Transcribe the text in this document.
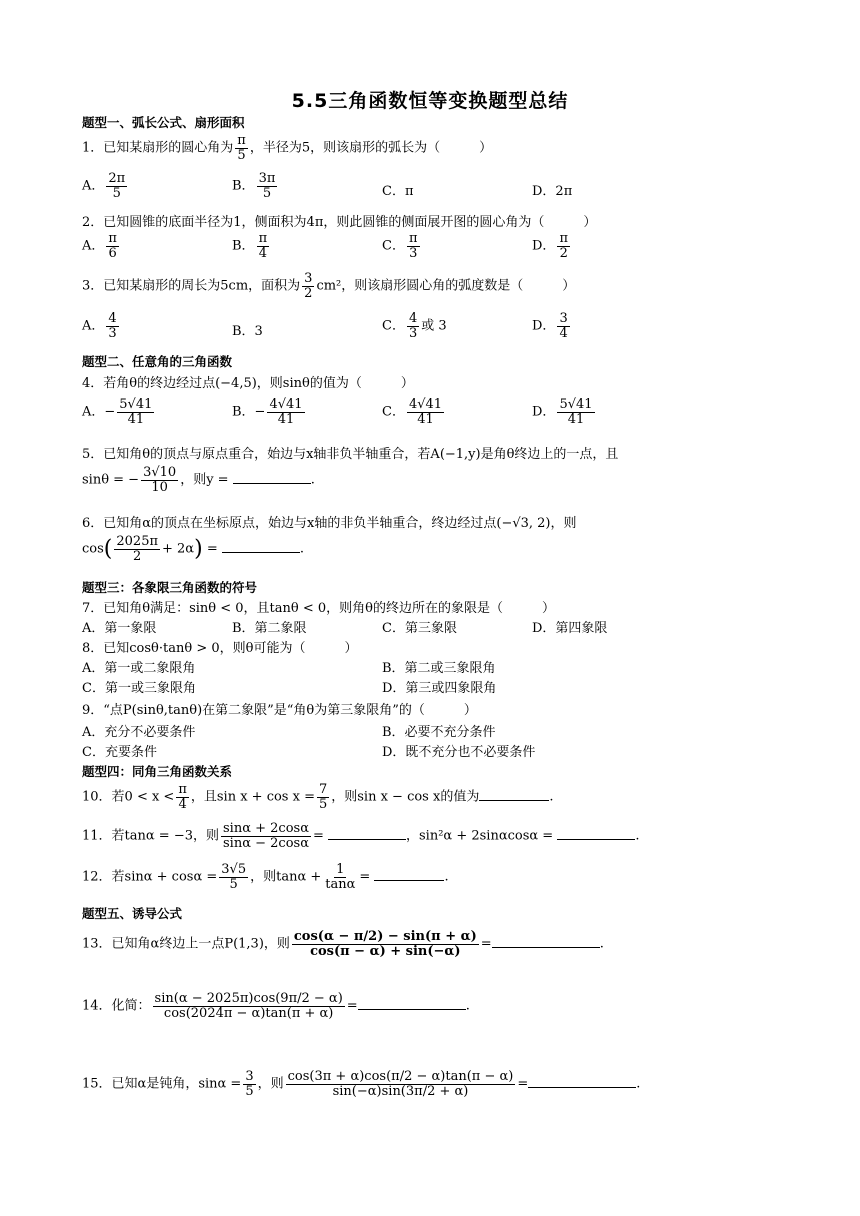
5.5三角函数恒等变换题型总结
题型一、弧长公式、扇形面积
1．已知某扇形的圆心角为 $\frac{\pi}{5}$ ，半径为5，则该扇形的弧长为（　　　）
A． $\frac{2\pi}{5}$	B． $\frac{3\pi}{5}$	C．π	D．2π
2．已知圆锥的底面半径为1，侧面积为4π，则此圆锥的侧面展开图的圆心角为（　　　）
A． $\frac{\pi}{6}$	B． $\frac{\pi}{4}$	C． $\frac{\pi}{3}$	D． $\frac{\pi}{2}$
3．已知某扇形的周长为5cm，面积为 $\frac{3}{2} cm^2$，则该扇形圆心角的弧度数是（　　　）
A． $\frac{4}{3}$	B．3	C． $\frac{4}{3}$ 或 3	D． $\frac{3}{4}$
题型二、任意角的三角函数
4．若角θ的终边经过点(−4,5)，则sinθ的值为（　　　）
A．− $\frac{5√41}{41}$	B．− $\frac{4√41}{41}$	C． $\frac{4√41}{41}$	D． $\frac{5√41}{41}$
5．已知角θ的顶点与原点重合，始边与x轴非负半轴重合，若A(−1,y)是角θ终边上的一点，且
sinθ = − $\frac{3√10}{10}$ ，则y =	.
6．已知角α的顶点在坐标原点，始边与x轴的非负半轴重合，终边经过点(−√3, 2)，则
$\cos( \frac{2025\pi}{2} + 2\alpha)$ =	.
题型三：各象限三角函数的符号
7．已知角θ满足：sinθ < 0，且tanθ < 0，则角θ的终边所在的象限是（　　　）
A．第一象限	B．第二象限	C．第三象限	D．第四象限
8．已知cosθ·tanθ > 0，则θ可能为（　　　）
A．第一或二象限角	B．第二或三象限角
C．第一或三象限角	D．第三或四象限角
9．“点P(sinθ,tanθ)在第二象限”是“角θ为第三象限角”的（　　　）
A．充分不必要条件	B．必要不充分条件
C．充要条件	D．既不充分也不必要条件
题型四：同角三角函数关系
10．若$0 < x < \frac{\pi}{4}$ ，且$\sin x + \cos x = \frac{7}{5}$ ，则sin x − cos x的值为	.
11．若tanα = −3，则 $\frac{\sin\alpha + 2\cos\alpha}{\sin\alpha - 2\cos\alpha}$ =	，sin²α + 2sinαcosα =	.
12．若$\sin\alpha + \cos\alpha = \frac{3√5}{5}$ ，则$\tan\alpha + \frac{1}{\tan\alpha}$ =	.
题型五、诱导公式
13．已知角α终边上一点P(1,3)，则 $\frac{\cos(\alpha - \pi/2) - \sin(\pi + \alpha)}{\cos(\pi - \alpha) + \sin(-\alpha)}$ =	.
14．化简： $\frac{\sin(\alpha - 2025\pi)\cos(9\pi/2 - \alpha)}{\cos(2024\pi - \alpha)\tan(\pi + \alpha)}$ =	.
15．已知α是钝角，$\sin\alpha = \frac{3}{5}$ ，则 $\frac{\cos(3\pi + \alpha)\cos(\pi/2 - \alpha)\tan(\pi - \alpha)}{\sin(-\alpha)\sin(3\pi/2 + \alpha)}$ =	.
